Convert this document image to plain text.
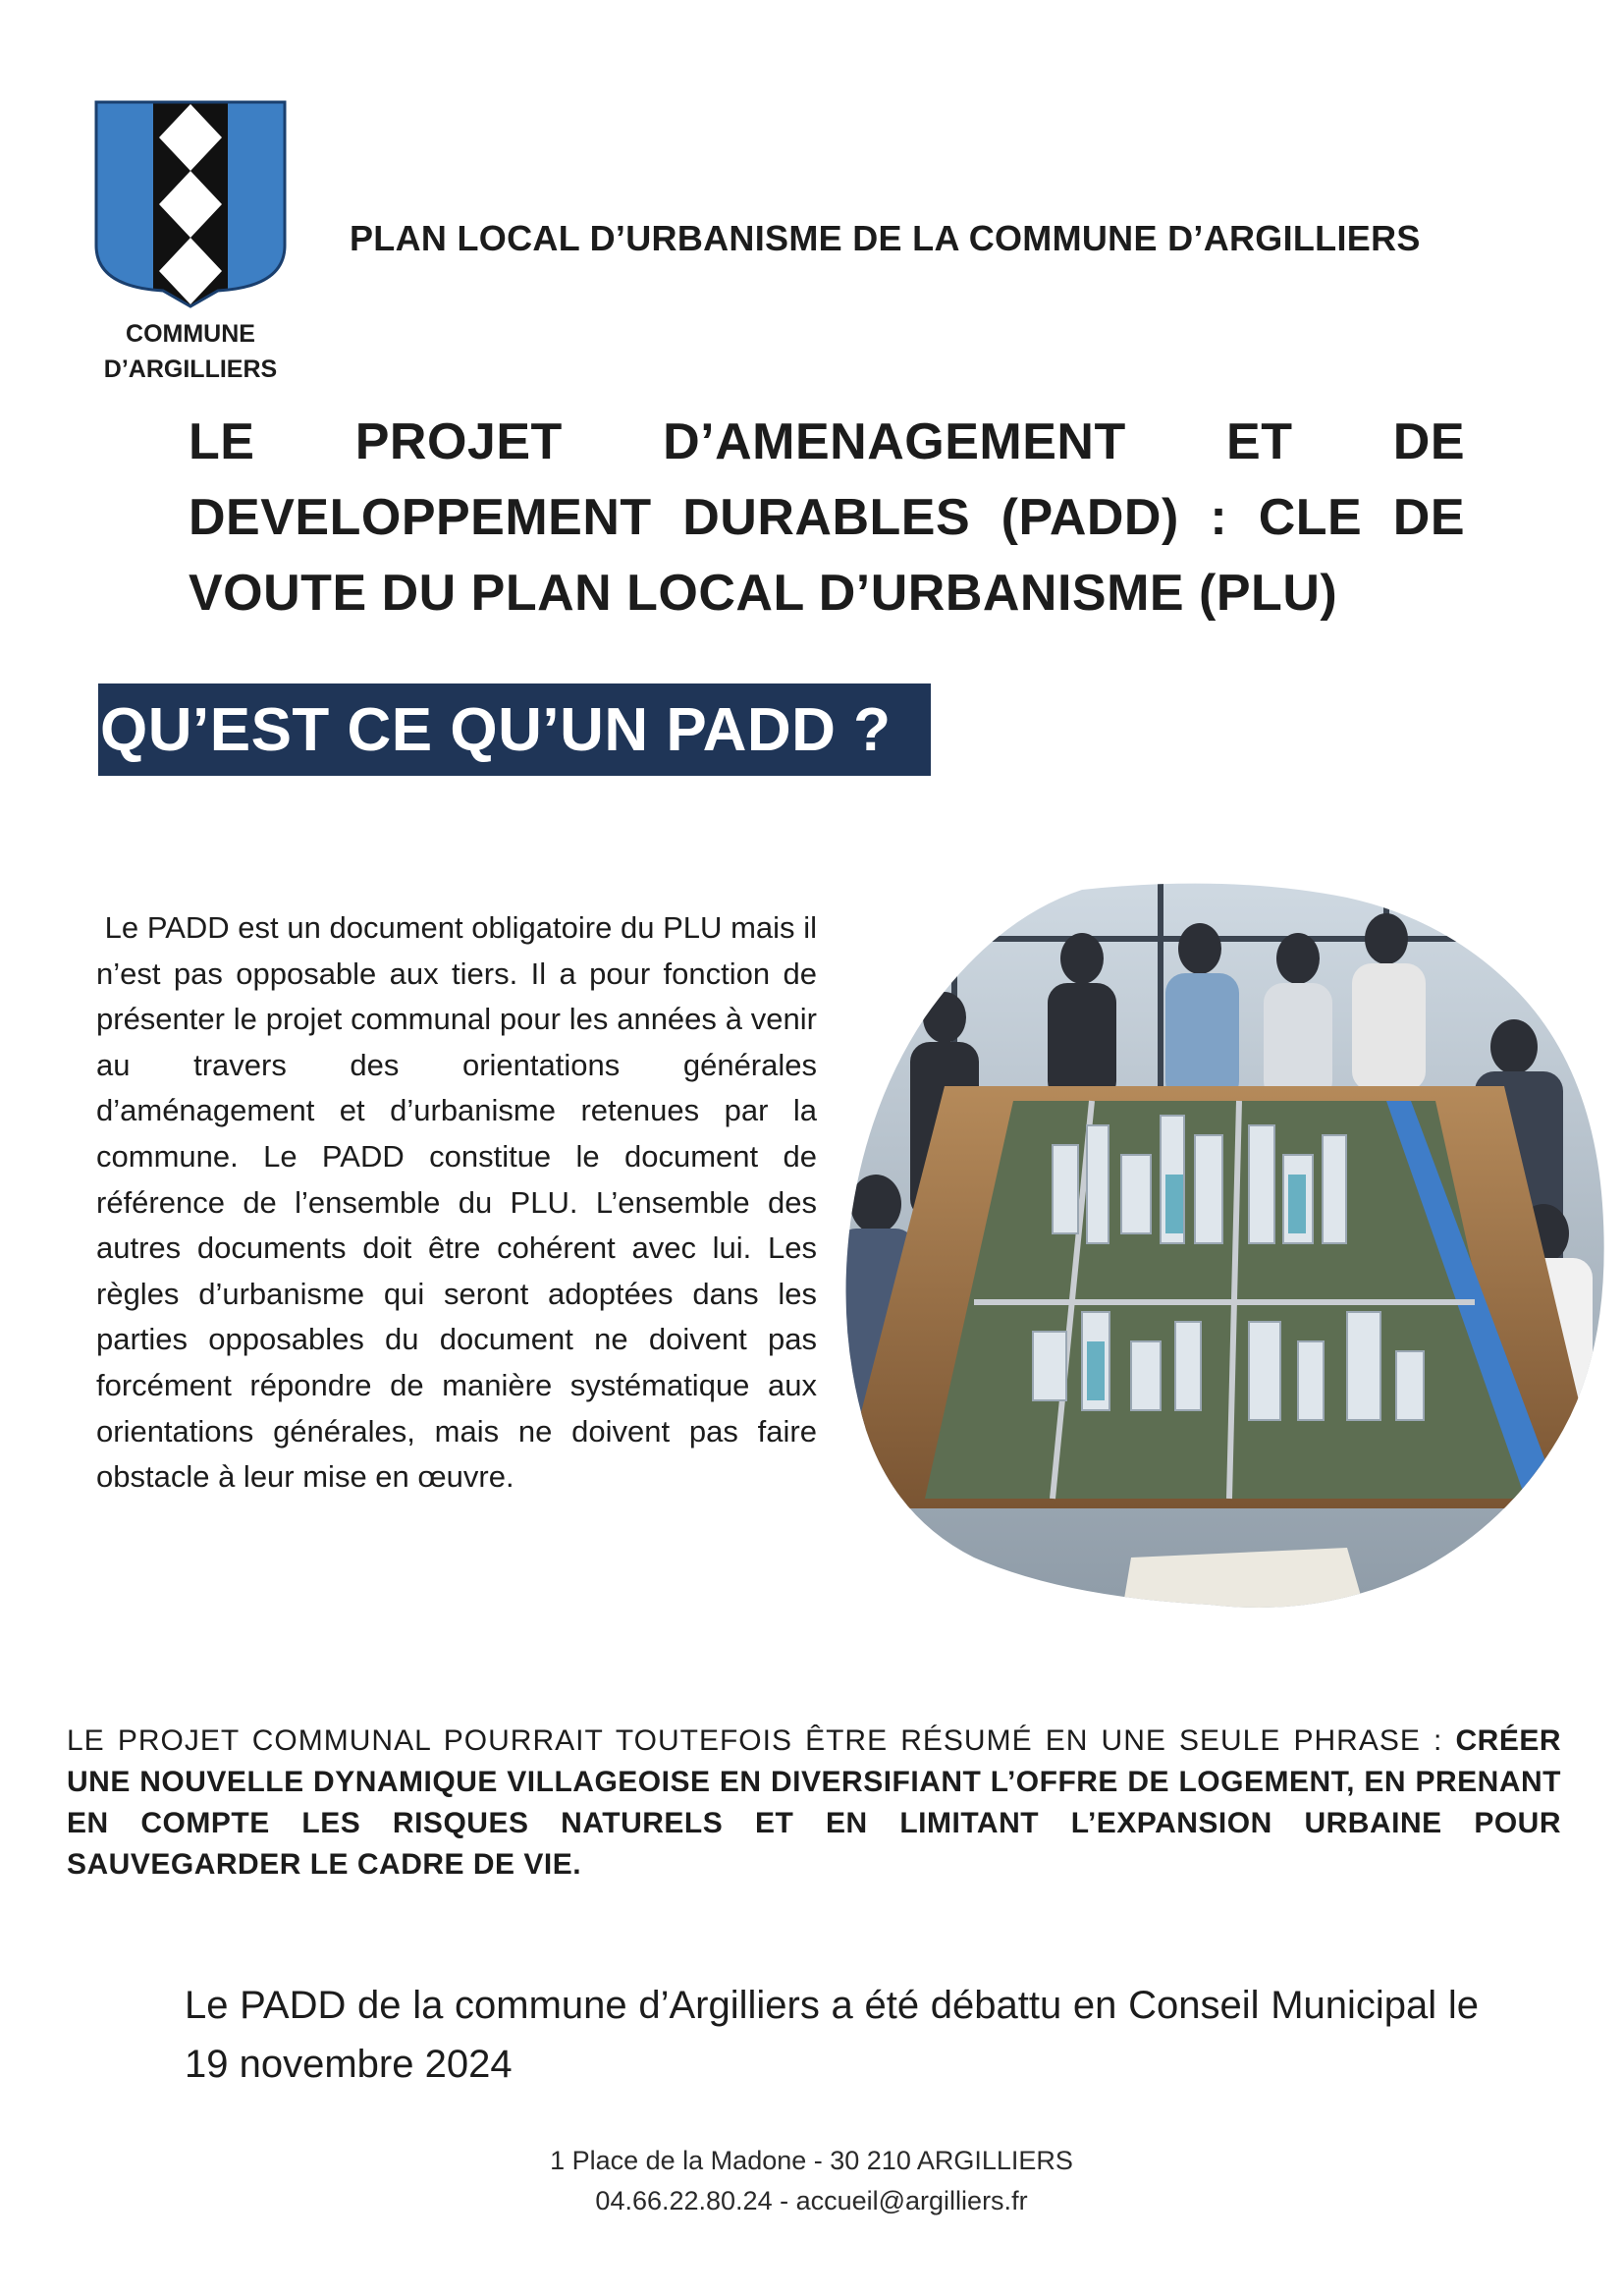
COMMUNE
D’ARGILLIERS
PLAN LOCAL D’URBANISME DE LA COMMUNE D’ARGILLIERS
LE PROJET D’AMENAGEMENT ET DE DEVELOPPEMENT DURABLES (PADD) : CLE DE VOUTE DU PLAN LOCAL D’URBANISME (PLU)
QU’EST CE QU’UN PADD ?
Le PADD est un document obligatoire du PLU mais il n’est pas opposable aux tiers. Il a pour fonction de présenter le projet communal pour les années à venir au travers des orientations générales d’aménagement et d’urbanisme retenues par la commune. Le PADD constitue le document de référence de l’ensemble du PLU. L’ensemble des autres documents doit être cohérent avec lui. Les règles d’urbanisme qui seront adoptées dans les parties opposables du document ne doivent pas forcément répondre de manière systématique aux orientations générales, mais ne doivent pas faire obstacle à leur mise en œuvre.
LE PROJET COMMUNAL POURRAIT TOUTEFOIS ÊTRE RÉSUMÉ EN UNE SEULE PHRASE : CRÉER UNE NOUVELLE DYNAMIQUE VILLAGEOISE EN DIVERSIFIANT L’OFFRE DE LOGEMENT, EN PRENANT EN COMPTE LES RISQUES NATURELS ET EN LIMITANT L’EXPANSION URBAINE POUR SAUVEGARDER LE CADRE DE VIE.
Le PADD de la commune d’Argilliers a été débattu en Conseil Municipal le 19 novembre 2024
1 Place de la Madone - 30 210 ARGILLIERS
04.66.22.80.24 - accueil@argilliers.fr
